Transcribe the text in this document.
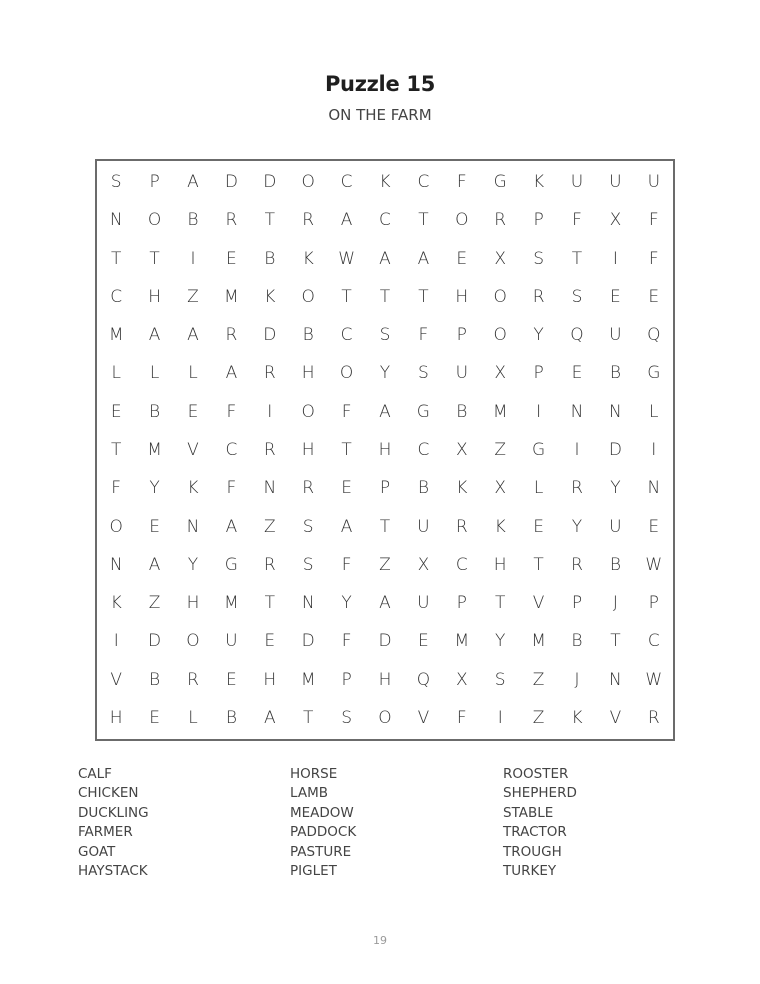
Puzzle 15
ON THE FARM
S	P	A	D	D	O	C	K	C	F	G	K	U	U	U
N	O	B	R	T	R	A	C	T	O	R	P	F	X	F
T	T	I	E	B	K	W	A	A	E	X	S	T	I	F
C	H	Z	M	K	O	T	T	T	H	O	R	S	E	E
M	A	A	R	D	B	C	S	F	P	O	Y	Q	U	Q
L	L	L	A	R	H	O	Y	S	U	X	P	E	B	G
E	B	E	F	I	O	F	A	G	B	M	I	N	N	L
T	M	V	C	R	H	T	H	C	X	Z	G	I	D	I
F	Y	K	F	N	R	E	P	B	K	X	L	R	Y	N
O	E	N	A	Z	S	A	T	U	R	K	E	Y	U	E
N	A	Y	G	R	S	F	Z	X	C	H	T	R	B	W
K	Z	H	M	T	N	Y	A	U	P	T	V	P	J	P
I	D	O	U	E	D	F	D	E	M	Y	M	B	T	C
V	B	R	E	H	M	P	H	Q	X	S	Z	J	N	W
H	E	L	B	A	T	S	O	V	F	I	Z	K	V	R
CALF
CHICKEN
DUCKLING
FARMER
GOAT
HAYSTACK
HORSE
LAMB
MEADOW
PADDOCK
PASTURE
PIGLET
ROOSTER
SHEPHERD
STABLE
TRACTOR
TROUGH
TURKEY
19
